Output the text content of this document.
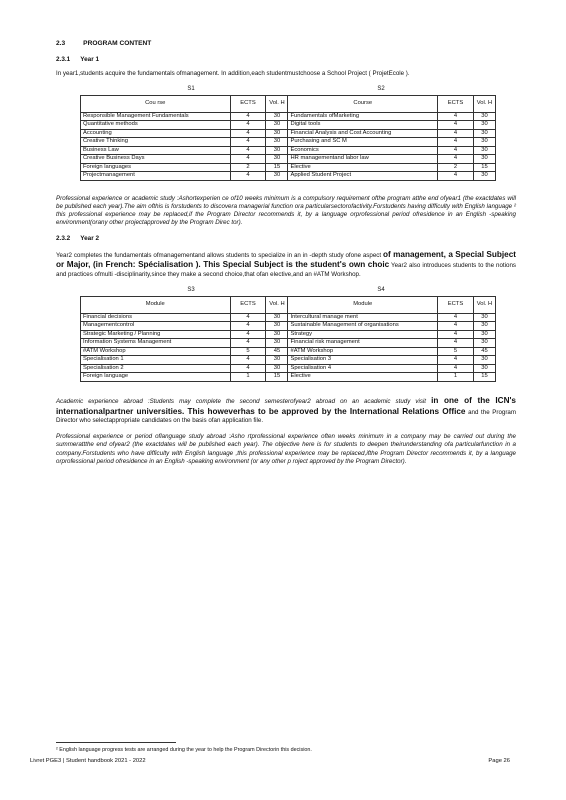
2.3	PROGRAM CONTENT
2.3.1 Year 1

In year1,students acquire the fundamentals ofmanagement. In addition,each studentmustchoose a School Project ( ProjetEcole ).

S1	S2
Cou rse	ECTS	Vol. H	Course	ECTS	Vol. H
Responsible Management Fundamentals	4	30	Fundamentals ofMarketing	4	30
Quantitative methods	4	30	Digital tools	4	30
Accounting	4	30	Financial Analysis and Cost Accounting	4	30
Creative Thinking	4	30	Purchasing and SC M	4	30
Business Law	4	30	Economics	4	30
Creative Business Days	4	30	HR managementand labor law	4	30
Foreign languages	2	15	Elective	2	15
Projectmanagement	4	30	Applied Student Project	4	30

Professional experience or academic study :Ashortexperien ce of10 weeks minimum is a compulsory requirement ofthe program atthe end ofyear1 (the exactdates will be published each year).The aim ofthis is forstudents to discovera managerial function ora particularsectorofactivity.Forstudents having difficulty with English language ² this professional experience may be replaced,if the Program Director recommends it, by a language orprofessional period ofresidence in an English -speaking environment(orany other projectapproved by the Program Direc tor).

2.3.2 Year 2

Year2 completes the fundamentals ofmanagementand allows students to specialize in an in -depth study ofone aspect of management, a Special Subject or Major, (in French: Spécialisation ). This Special Subject is the student's own choic Year2 also introduces students to the notions and practices ofmulti -disciplinarity,since they make a second choice,that ofan elective,and an #ATM Workshop.

S3	S4
Module	ECTS	Vol. H	Module	ECTS	Vol. H
Financial decisions	4	30	Intercultural manage ment	4	30
Managementcontrol	4	30	Sustainable Management of organisations	4	30
Strategic Marketing / Planning	4	30	Strategy	4	30
Information Systems Management	4	30	Financial risk management	4	30
#ATM Workshop	5	45	#ATM Workshop	5	45
Specialisation 1	4	30	Specialisation 3	4	30
Specialisation 2	4	30	Specialisation 4	4	30
Foreign language	1	15	Elective	1	15

Academic experience abroad :Students may complete the second semesterofyear2 abroad on an academic study visit in one of the ICN's internationalpartner universities. This howeverhas to be approved by the International Relations Office and the Program Director who selectappropriate candidates on the basis ofan application file.

Professional experience or period oflanguage study abroad :Asho rtprofessional experience often weeks minimum in a company may be carried out during the summerattthe end ofyear2 (the exactdates will be published each year). The objective here is for students to deepen theirunderstanding ofa particularfunction in a company.Forstudents who have difficulty with English language ,this professional experience may be replaced,ifthe Program Director recommends it, by a language orprofessional period ofresidence in an English -speaking environment (or any other p roject approved by the Program Director).

² English language progress tests are arranged during the year to help the Program Directorin this decision.
Livret PGE3 | Student handbook 2021 - 2022	Page 26
